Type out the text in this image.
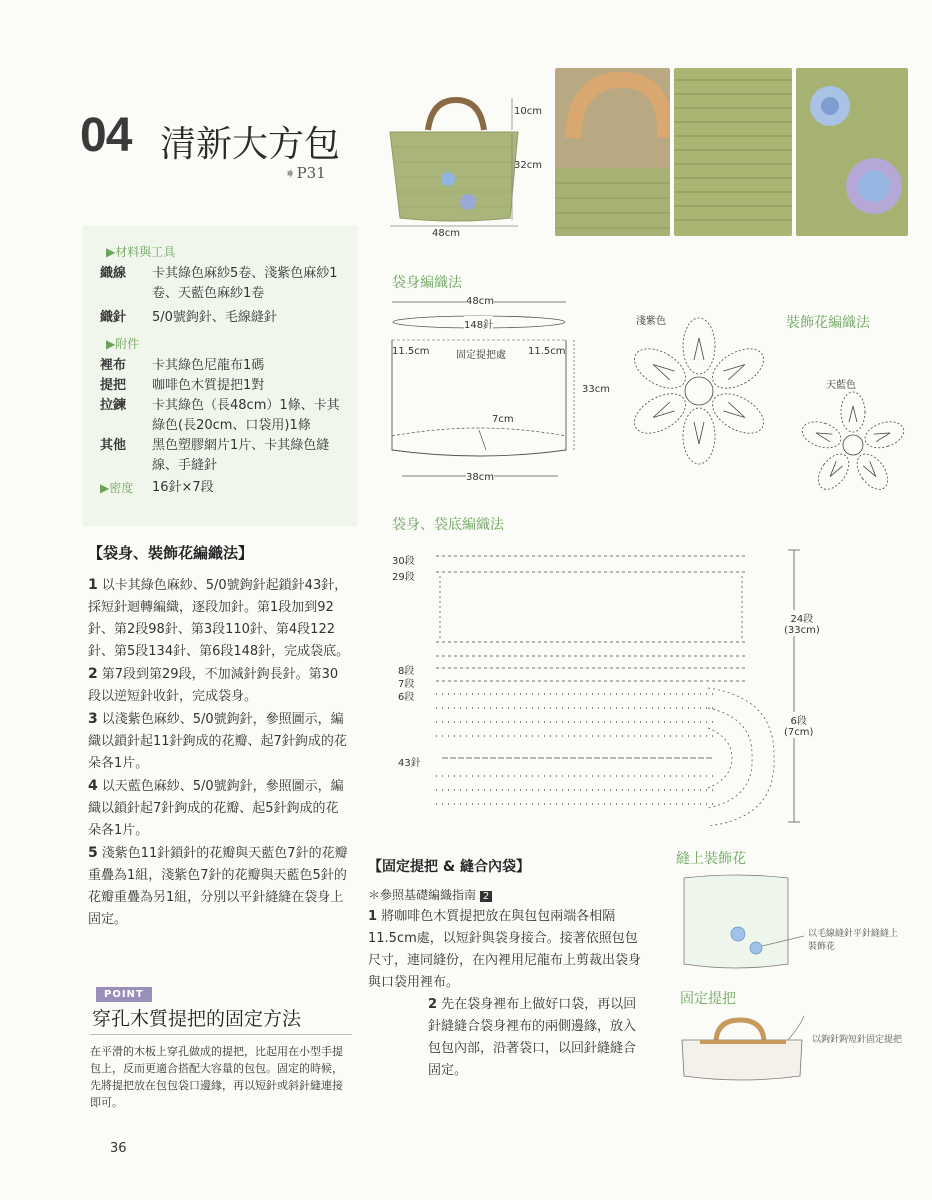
04 清新大方包
➧P31
10cm
32cm
48cm
▶材料與工具
織線	卡其綠色麻紗5卷、淺紫色麻紗1卷、天藍色麻紗1卷
織針	5/0號鉤針、毛線縫針
▶附件
裡布	卡其綠色尼龍布1碼
提把	咖啡色木質提把1對
拉鍊	卡其綠色（長48cm）1條、卡其綠色(長20cm、口袋用)1條
其他	黑色塑膠網片1片、卡其綠色縫線、手縫針
▶密度	16針×7段
【袋身、裝飾花編織法】

1 以卡其綠色麻紗、5/0號鉤針起鎖針43針，採短針迴轉編織，逐段加針。第1段加到92針、第2段98針、第3段110針、第4段122針、第5段134針、第6段148針，完成袋底。

2 第7段到第29段，不加減針鉤長針。第30段以逆短針收針，完成袋身。

3 以淺紫色麻紗、5/0號鉤針，參照圖示，編織以鎖針起11針鉤成的花瓣、起7針鉤成的花朵各1片。

4 以天藍色麻紗、5/0號鉤針，參照圖示，編織以鎖針起7針鉤成的花瓣、起5針鉤成的花朵各1片。

5 淺紫色11針鎖針的花瓣與天藍色7針的花瓣重疊為1組，淺紫色7針的花瓣與天藍色5針的花瓣重疊為另1組，分別以平針縫縫在袋身上固定。

POINT
穿孔木質提把的固定方法
在平滑的木板上穿孔做成的提把，比起用在小型手提包上，反而更適合搭配大容量的包包。固定的時候，先將提把放在包包袋口邊緣，再以短針或斜針縫連接即可。
36
袋身編織法
48cm
148針
11.5cm	固定提把處 11.5cm
33cm
7cm
38cm
裝飾花編織法
淺紫色
天藍色
袋身、袋底編織法
30段
29段
8段
7段
6段
43針
24段
(33cm)
6段
(7cm)
【固定提把 & 縫合內袋】
＊參照基礎編織指南 2

1 將咖啡色木質提把放在與包包兩端各相隔11.5cm處，以短針與袋身接合。接著依照包包尺寸，連同縫份，在內裡用尼龍布上剪裁出袋身與口袋用裡布。

2 先在袋身裡布上做好口袋，再以回針縫縫合袋身裡布的兩側邊緣，放入包包內部，沿著袋口，以回針縫縫合固定。

縫上裝飾花
以毛線縫針平針縫縫上裝飾花
固定提把
以鉤針鉤短針固定提把
